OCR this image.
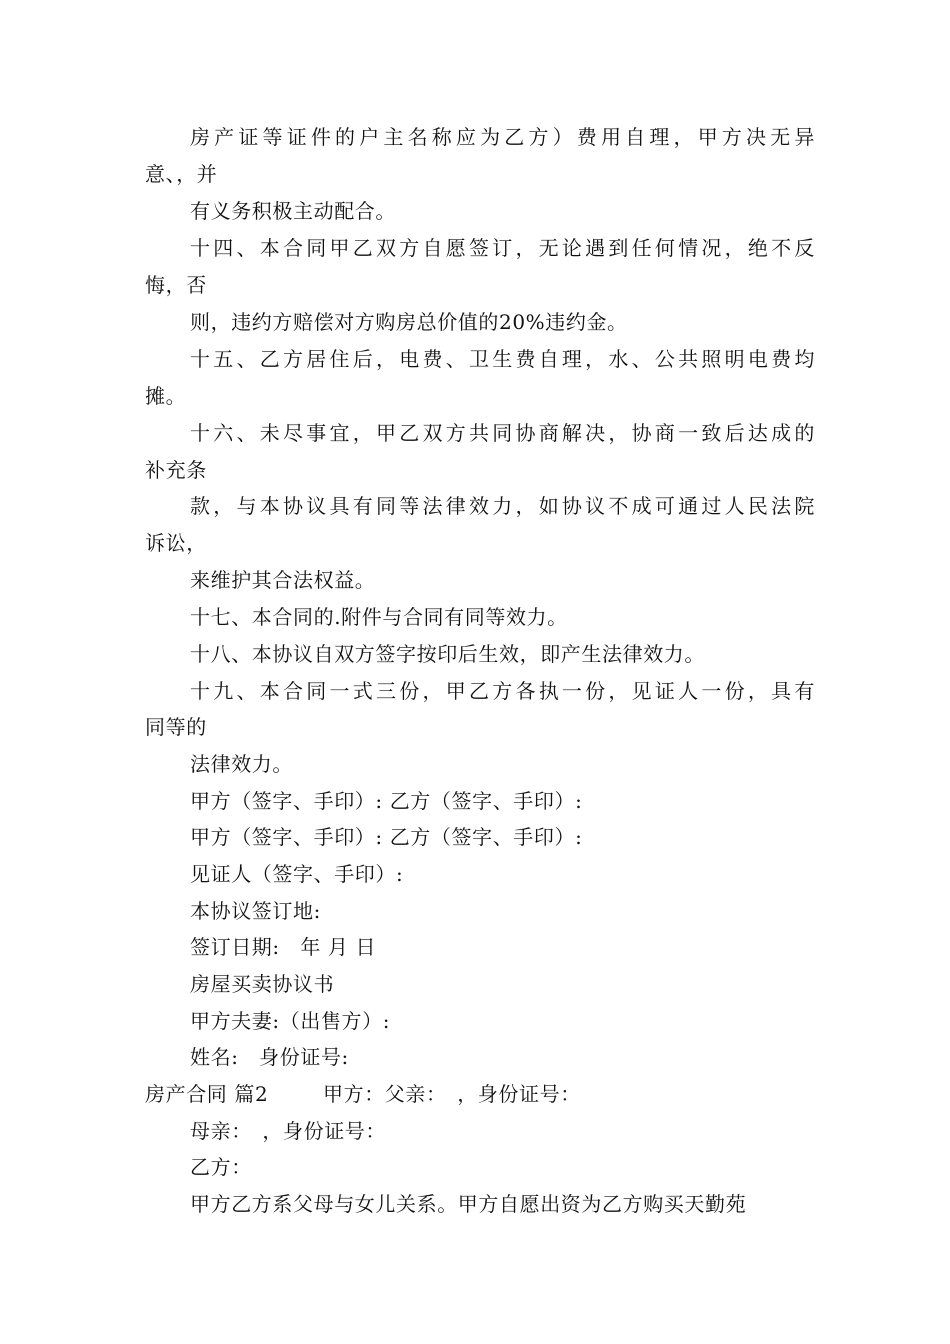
房产证等证件的户主名称应为乙方）费用自理，甲方决无异
意、，并
有义务积极主动配合。
十四、本合同甲乙双方自愿签订，无论遇到任何情况，绝不反
悔，否
则，违约方赔偿对方购房总价值的20%违约金。
十五、乙方居住后，电费、卫生费自理，水、公共照明电费均
摊。
十六、未尽事宜，甲乙双方共同协商解决，协商一致后达成的
补充条
款，与本协议具有同等法律效力，如协议不成可通过人民法院
诉讼，
来维护其合法权益。
十七、本合同的.附件与合同有同等效力。
十八、本协议自双方签字按印后生效，即产生法律效力。
十九、本合同一式三份，甲乙方各执一份，见证人一份，具有
同等的
法律效力。
甲方（签字、手印）: 乙方（签字、手印）:
甲方（签字、手印）: 乙方（签字、手印）:
见证人（签字、手印）:
本协议签订地:
签订日期:　年 月 日
房屋买卖协议书
甲方夫妻:（出售方）:
姓名:　身份证号:
房产合同 篇2	甲方：父亲：　，身份证号：
母亲：　，身份证号：
乙方：
甲方乙方系父母与女儿关系。甲方自愿出资为乙方购买天勤苑
